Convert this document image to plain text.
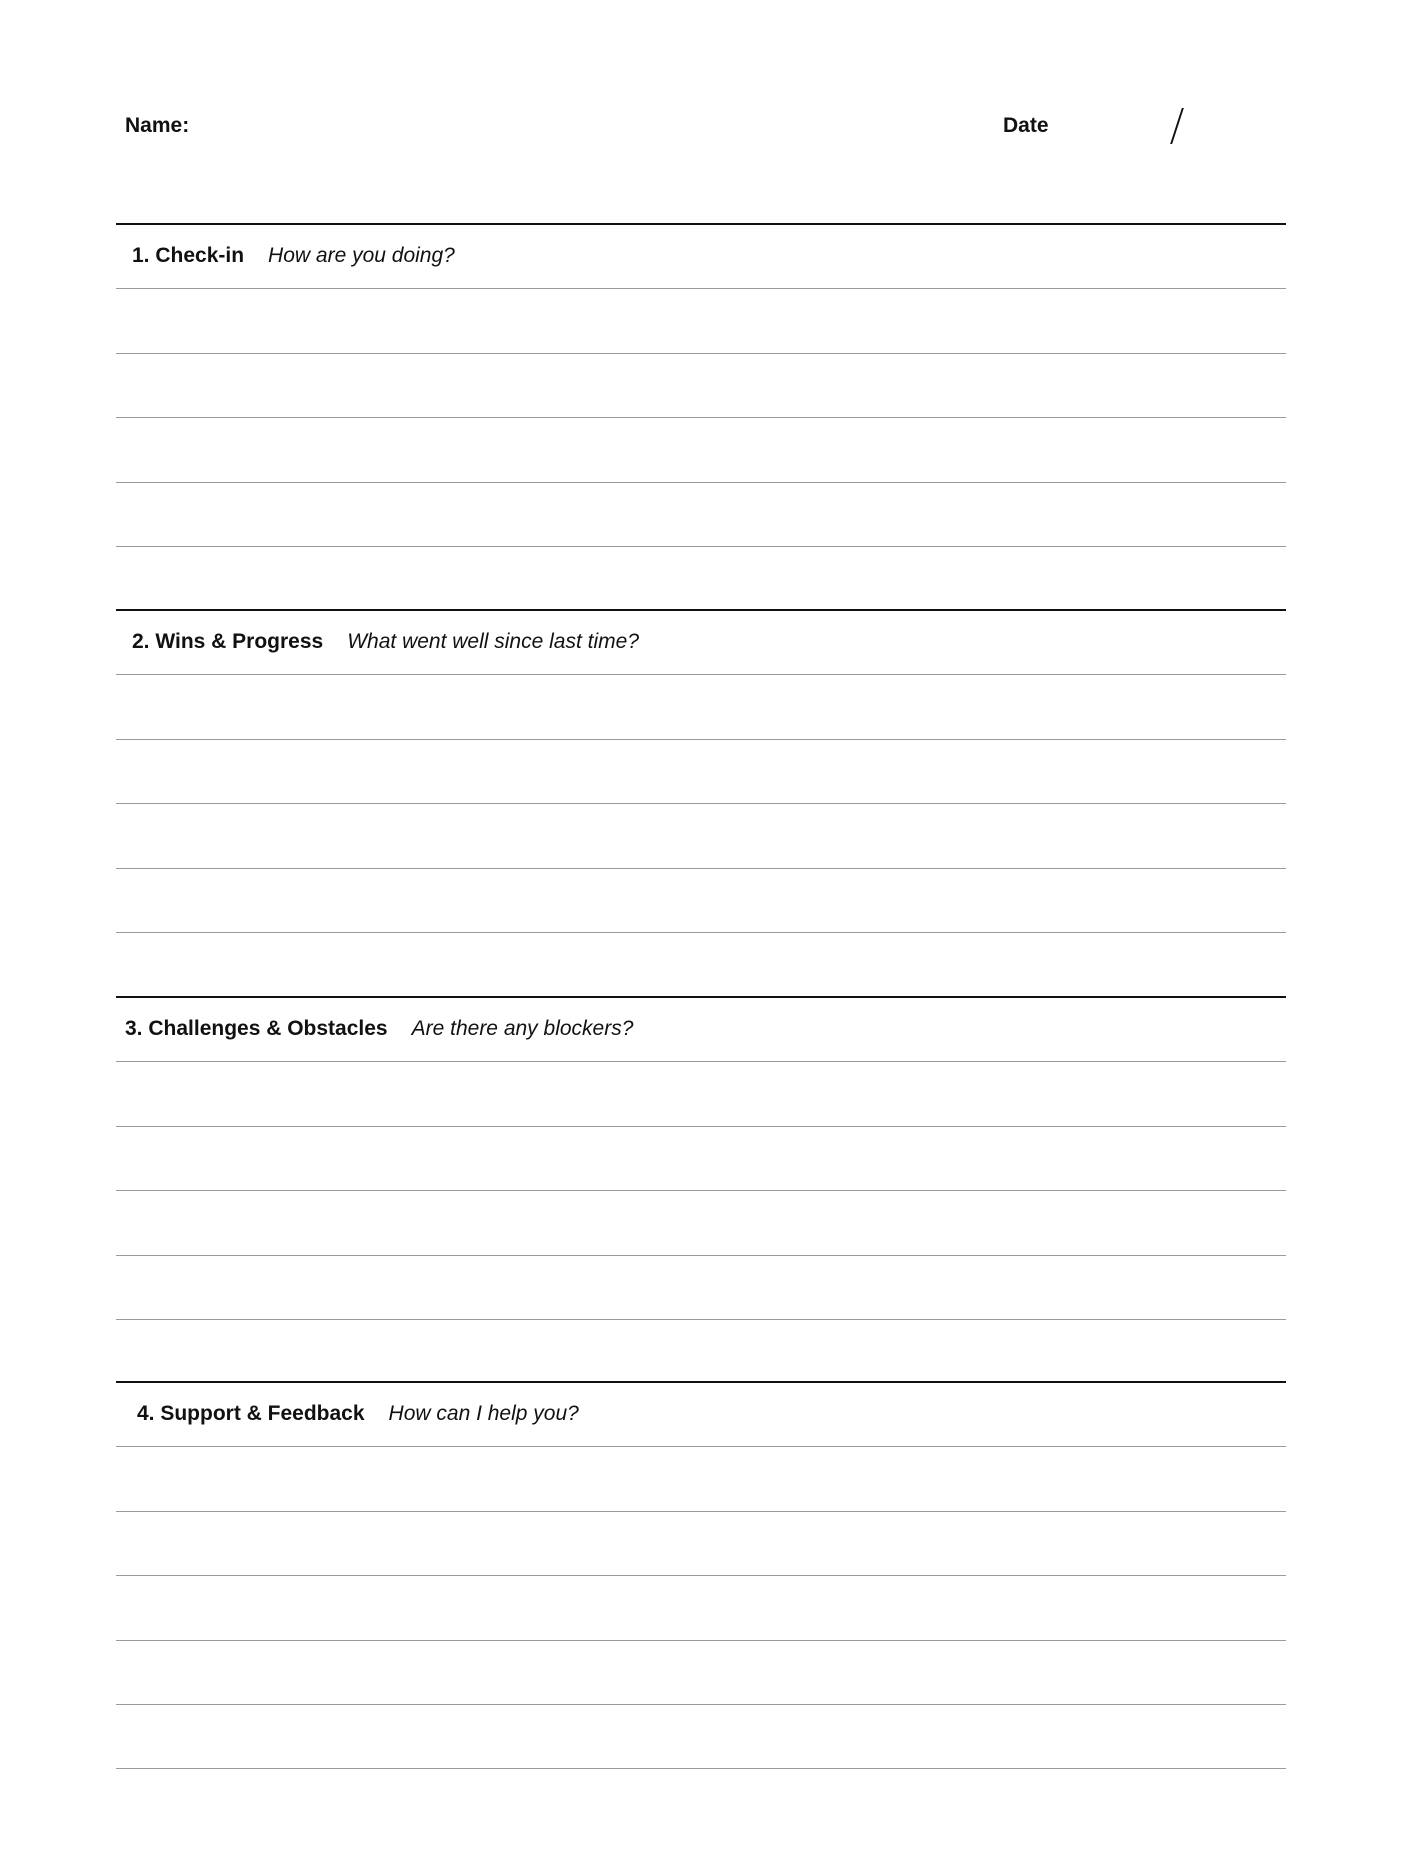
Name:	Date
1. Check-in How are you doing?
2. Wins & Progress What went well since last time?
3. Challenges & Obstacles Are there any blockers?
4. Support & Feedback How can I help you?
